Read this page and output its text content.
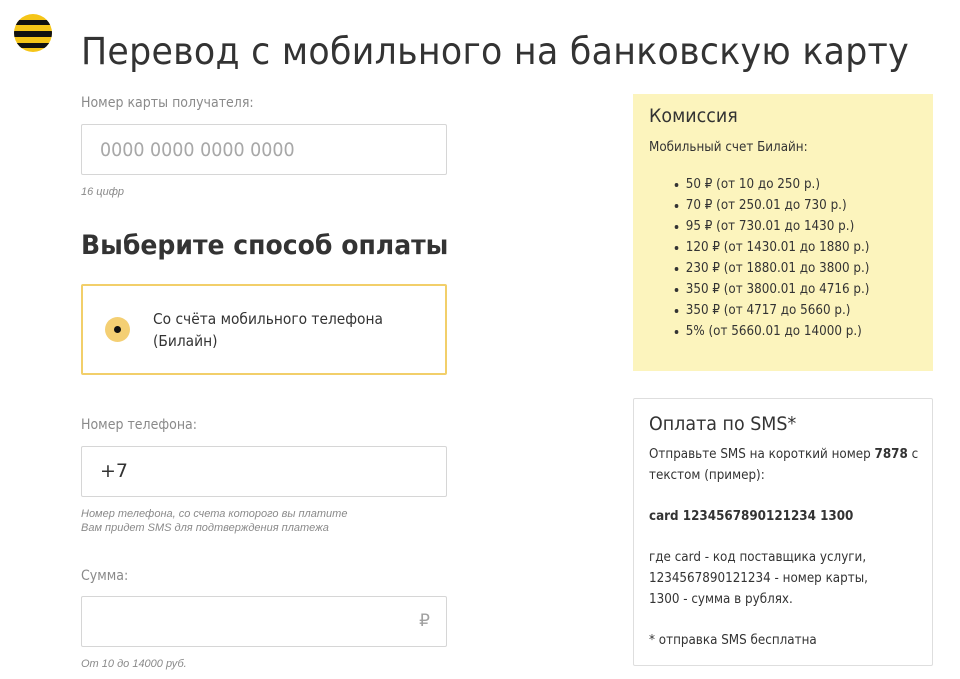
Перевод с мобильного на банковскую карту
Номер карты получателя:
0000 0000 0000 0000
16 цифр
Выберите способ оплаты
Со счёта мобильного телефона
(Билайн)
Номер телефона:
+7
Номер телефона, со счета которого вы платите
Вам придет SMS для подтверждения платежа
Сумма:
₽
От 10 до 14000 руб.
Комиссия
Мобильный счет Билайн:
50 ₽ (от 10 до 250 р.)
70 ₽ (от 250.01 до 730 р.)
95 ₽ (от 730.01 до 1430 р.)
120 ₽ (от 1430.01 до 1880 р.)
230 ₽ (от 1880.01 до 3800 р.)
350 ₽ (от 3800.01 до 4716 р.)
350 ₽ (от 4717 до 5660 р.)
5% (от 5660.01 до 14000 р.)
Оплата по SMS*
Отправьте SMS на короткий номер 7878 с
текстом (пример):
card 1234567890121234 1300
где card - код поставщика услуги,
1234567890121234 - номер карты,
1300 - сумма в рублях.
* отправка SMS бесплатна
